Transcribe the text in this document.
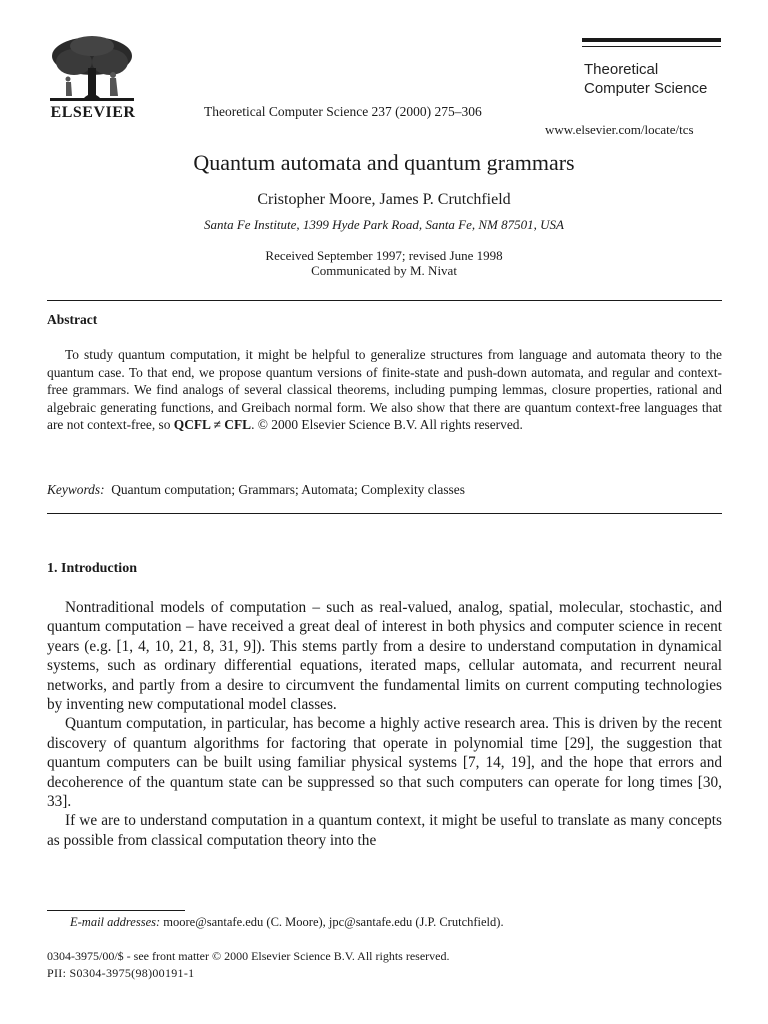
ELSEVIER	Theoretical Computer Science 237 (2000) 275–306
Theoretical
Computer Science
www.elsevier.com/locate/tcs
Quantum automata and quantum grammars
Cristopher Moore, James P. Crutchfield
Santa Fe Institute, 1399 Hyde Park Road, Santa Fe, NM 87501, USA
Received September 1997; revised June 1998
Communicated by M. Nivat
Abstract
To study quantum computation, it might be helpful to generalize structures from language and automata theory to the quantum case. To that end, we propose quantum versions of finite-state and push-down automata, and regular and context-free grammars. We find analogs of several classical theorems, including pumping lemmas, closure properties, rational and algebraic generating functions, and Greibach normal form. We also show that there are quantum context-free languages that are not context-free, so QCFL ≠ CFL. © 2000 Elsevier Science B.V. All rights reserved.
Keywords: Quantum computation; Grammars; Automata; Complexity classes
1. Introduction

Nontraditional models of computation – such as real-valued, analog, spatial, molecular, stochastic, and quantum computation – have received a great deal of interest in both physics and computer science in recent years (e.g. [1, 4, 10, 21, 8, 31, 9]). This stems partly from a desire to understand computation in dynamical systems, such as ordinary differential equations, iterated maps, cellular automata, and recurrent neural networks, and partly from a desire to circumvent the fundamental limits on current computing technologies by inventing new computational model classes.

Quantum computation, in particular, has become a highly active research area. This is driven by the recent discovery of quantum algorithms for factoring that operate in polynomial time [29], the suggestion that quantum computers can be built using familiar physical systems [7, 14, 19], and the hope that errors and decoherence of the quantum state can be suppressed so that such computers can operate for long times [30, 33].

If we are to understand computation in a quantum context, it might be useful to translate as many concepts as possible from classical computation theory into the

E-mail addresses: moore@santafe.edu (C. Moore), jpc@santafe.edu (J.P. Crutchfield).
0304-3975/00/$ - see front matter © 2000 Elsevier Science B.V. All rights reserved.
PII: S0304-3975(98)00191-1
